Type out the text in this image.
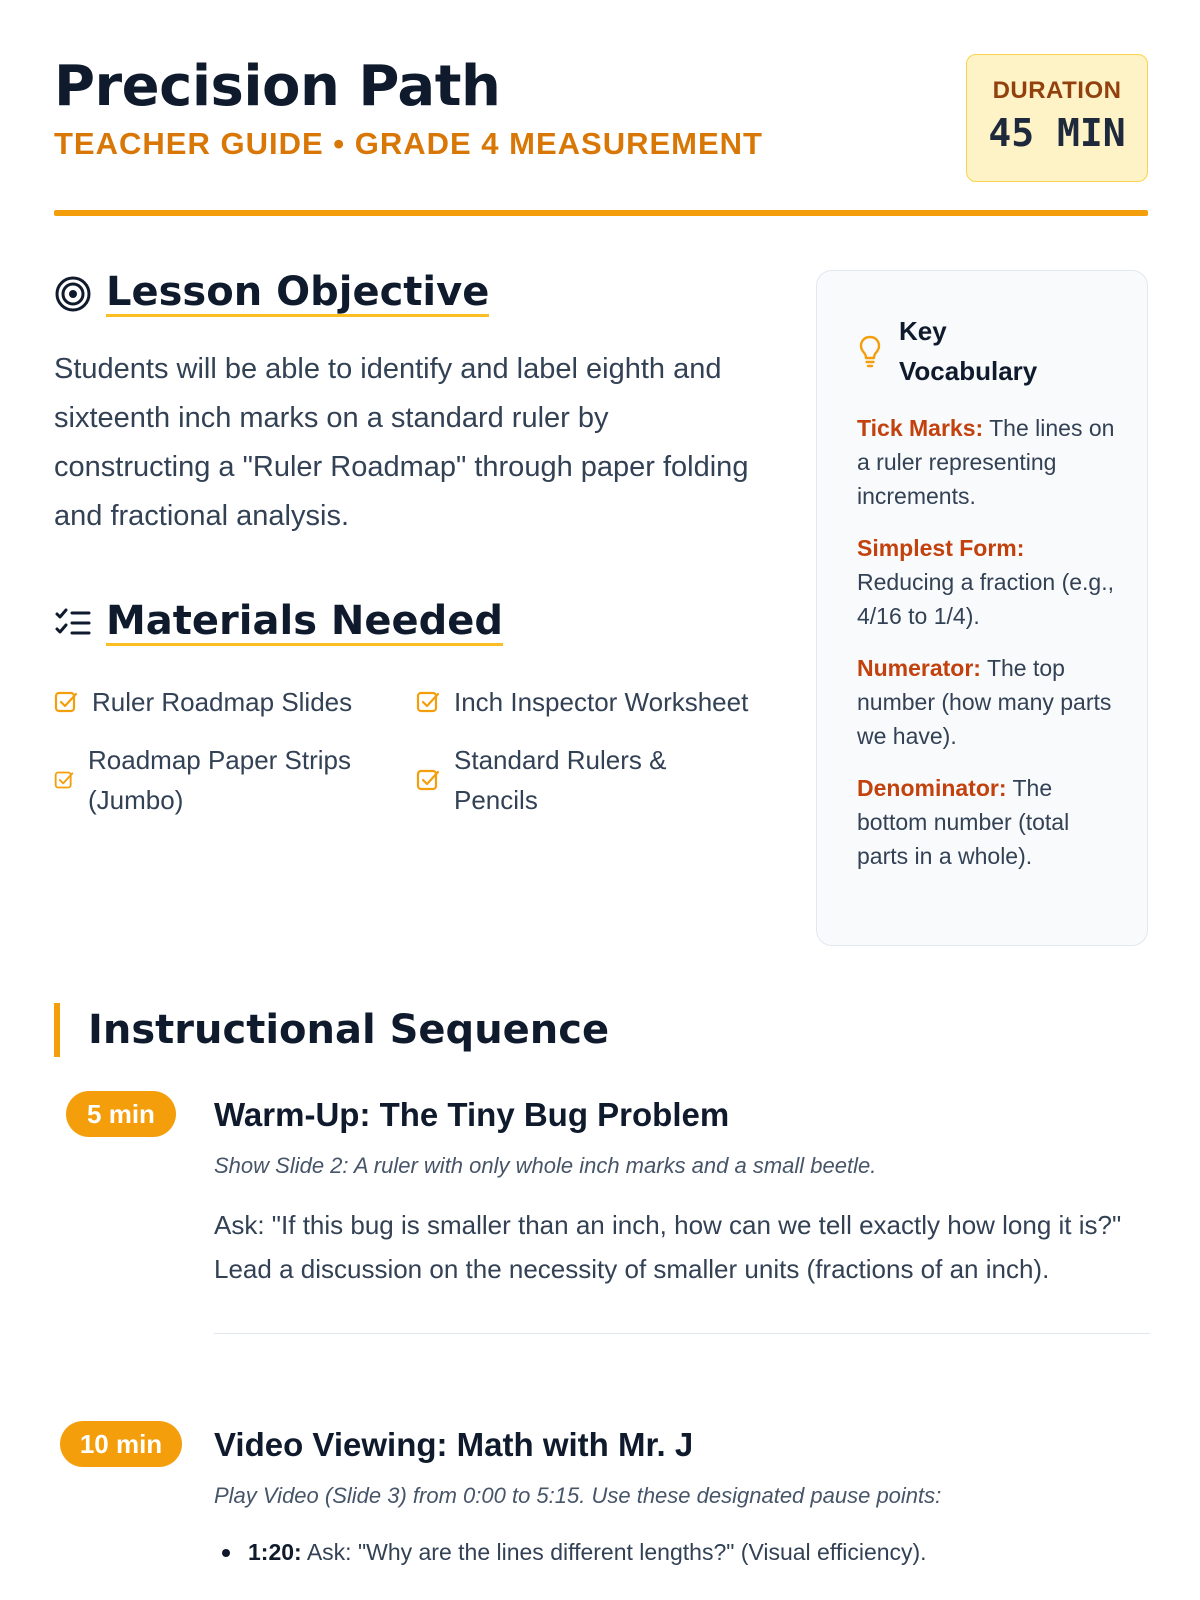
Precision Path
TEACHER GUIDE • GRADE 4 MEASUREMENT
DURATION
45 MIN
Lesson Objective

Students will be able to identify and label eighth and sixteenth inch marks on a standard ruler by constructing a "Ruler Roadmap" through paper folding and fractional analysis.

Materials Needed
Ruler Roadmap Slides	Inch Inspector Worksheet
Roadmap Paper Strips (Jumbo)
Standard Rulers & Pencils
Key Vocabulary

Tick Marks: The lines on a ruler representing increments.

Simplest Form: Reducing a fraction (e.g., 4/16 to 1/4).

Numerator: The top number (how many parts we have).

Denominator: The bottom number (total parts in a whole).

Instructional Sequence
5 min	Warm-Up: The Tiny Bug Problem

Show Slide 2: A ruler with only whole inch marks and a small beetle.

Ask: "If this bug is smaller than an inch, how can we tell exactly how long it is?" Lead a discussion on the necessity of smaller units (fractions of an inch).

10 min	Video Viewing: Math with Mr. J

Play Video (Slide 3) from 0:00 to 5:15. Use these designated pause points:

1:20: Ask: "Why are the lines different lengths?" (Visual efficiency).
